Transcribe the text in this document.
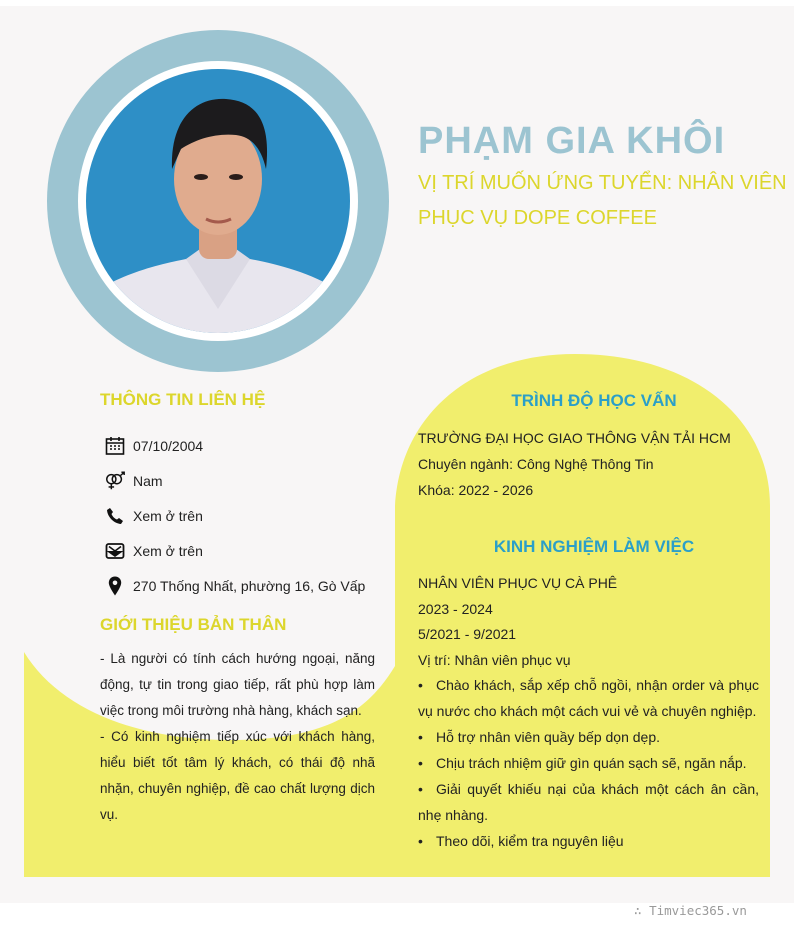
PHẠM GIA KHÔI
VỊ TRÍ MUỐN ỨNG TUYỂN: NHÂN VIÊN
PHỤC VỤ DOPE COFFEE
THÔNG TIN LIÊN HỆ
07/10/2004
Nam
Xem ở trên
Xem ở trên
270 Thống Nhất, phường 16, Gò Vấp
GIỚI THIỆU BẢN THÂN

- Là người có tính cách hướng ngoại, năng động, tự tin trong giao tiếp, rất phù hợp làm việc trong môi trường nhà hàng, khách sạn.

- Có kinh nghiệm tiếp xúc với khách hàng, hiểu biết tốt tâm lý khách, có thái độ nhã nhặn, chuyên nghiệp, đề cao chất lượng dịch vụ.

TRÌNH ĐỘ HỌC VẤN
TRƯỜNG ĐẠI HỌC GIAO THÔNG VẬN TẢI HCM
Chuyên ngành: Công Nghệ Thông Tin
Khóa: 2022 - 2026
KINH NGHIỆM LÀM VIỆC
NHÂN VIÊN PHỤC VỤ CÀ PHÊ
2023 - 2024
5/2021 - 9/2021
Vị trí: Nhân viên phục vụ
• Chào khách, sắp xếp chỗ ngồi, nhận order và phục vụ nước cho khách một cách vui vẻ và chuyên nghiệp.
• Hỗ trợ nhân viên quầy bếp dọn dẹp.
• Chịu trách nhiệm giữ gìn quán sạch sẽ, ngăn nắp.
• Giải quyết khiếu nại của khách một cách ân cần, nhẹ nhàng.
• Theo dõi, kiểm tra nguyên liệu
∴ Timviec365.vn
